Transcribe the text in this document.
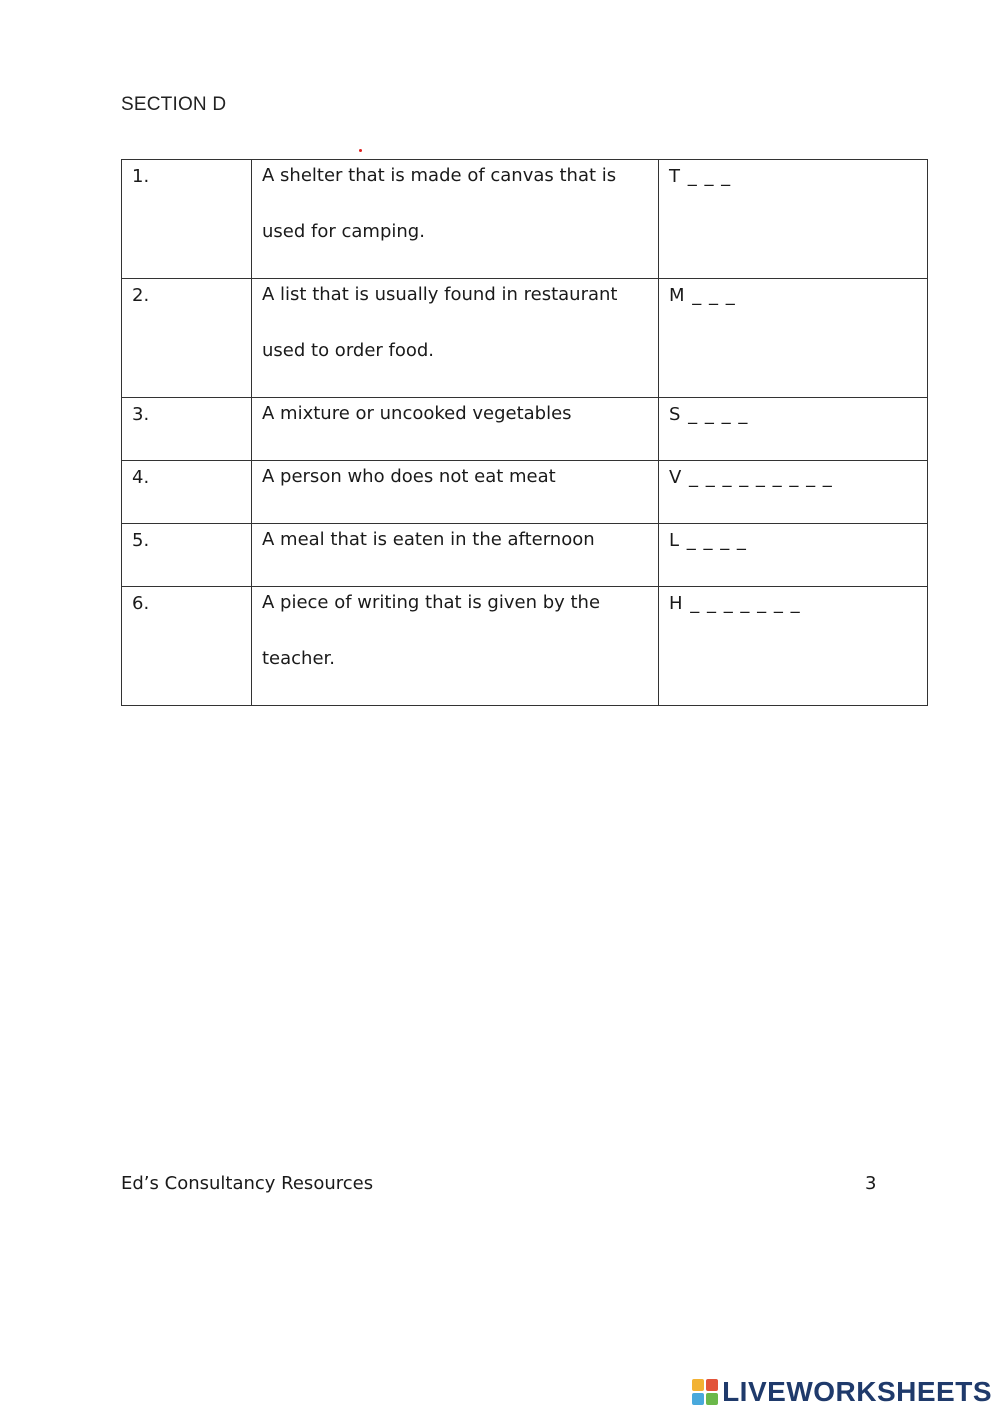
SECTION D
1.	A shelter that is made of canvas that is used for camping.	T _ _ _
2.	A list that is usually found in restaurant used to order food.	M _ _ _
3.	A mixture or uncooked vegetables	S _ _ _ _
4.	A person who does not eat meat	V _ _ _ _ _ _ _ _ _
5.	A meal that is eaten in the afternoon	L _ _ _ _
6.	A piece of writing that is given by the teacher.	H _ _ _ _ _ _ _
Ed’s Consultancy Resources	3
LIVEWORKSHEETS
